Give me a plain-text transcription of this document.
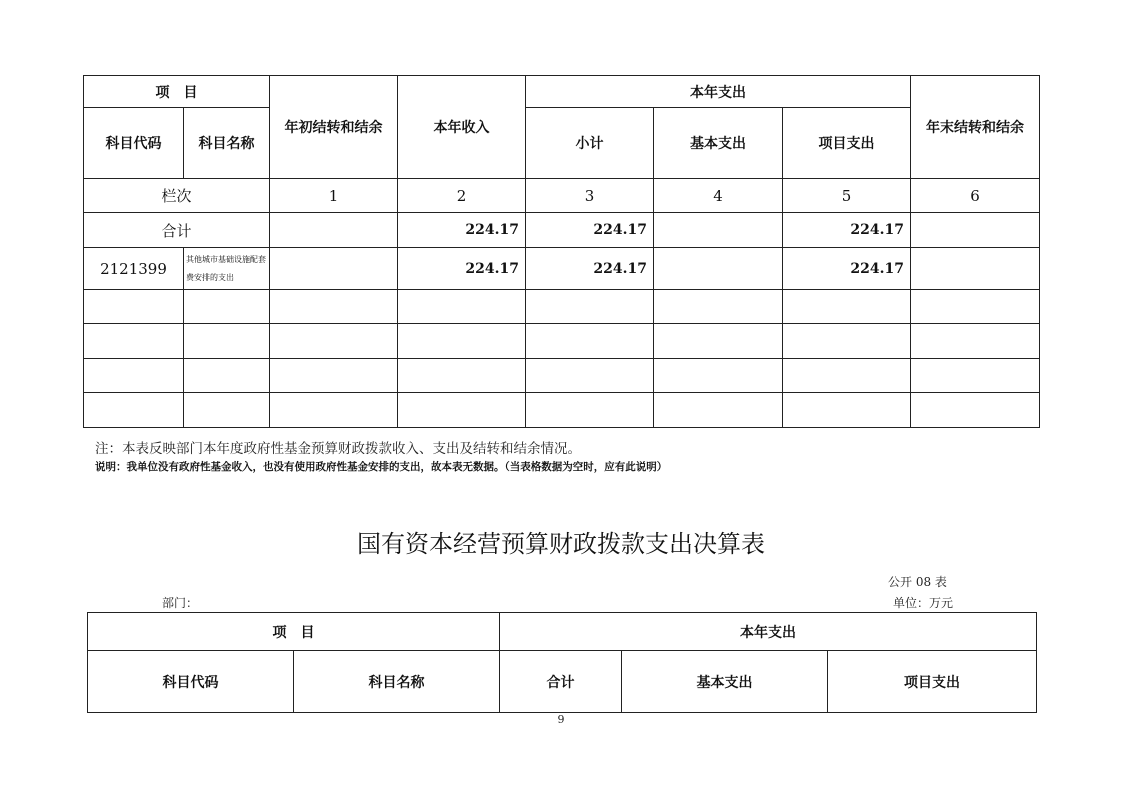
项　目		年初结转和结余	本年收入	本年支出			年末结转和结余
科目代码	科目名称			小计	基本支出	项目支出	
栏次		1	2	3	4	5	6
合计			224.17	224.17		224.17	
2121399	其他城市基础设施配套费安排的支出		224.17	224.17		224.17	

注：本表反映部门本年度政府性基金预算财政拨款收入、支出及结转和结余情况。
说明：我单位没有政府性基金收入，也没有使用政府性基金安排的支出，故本表无数据。（当表格数据为空时，应有此说明）
国有资本经营预算财政拨款支出决算表
公开 08 表
部门：	单位：万元
项　目		本年支出		
科目代码	科目名称	合计	基本支出	项目支出
9
